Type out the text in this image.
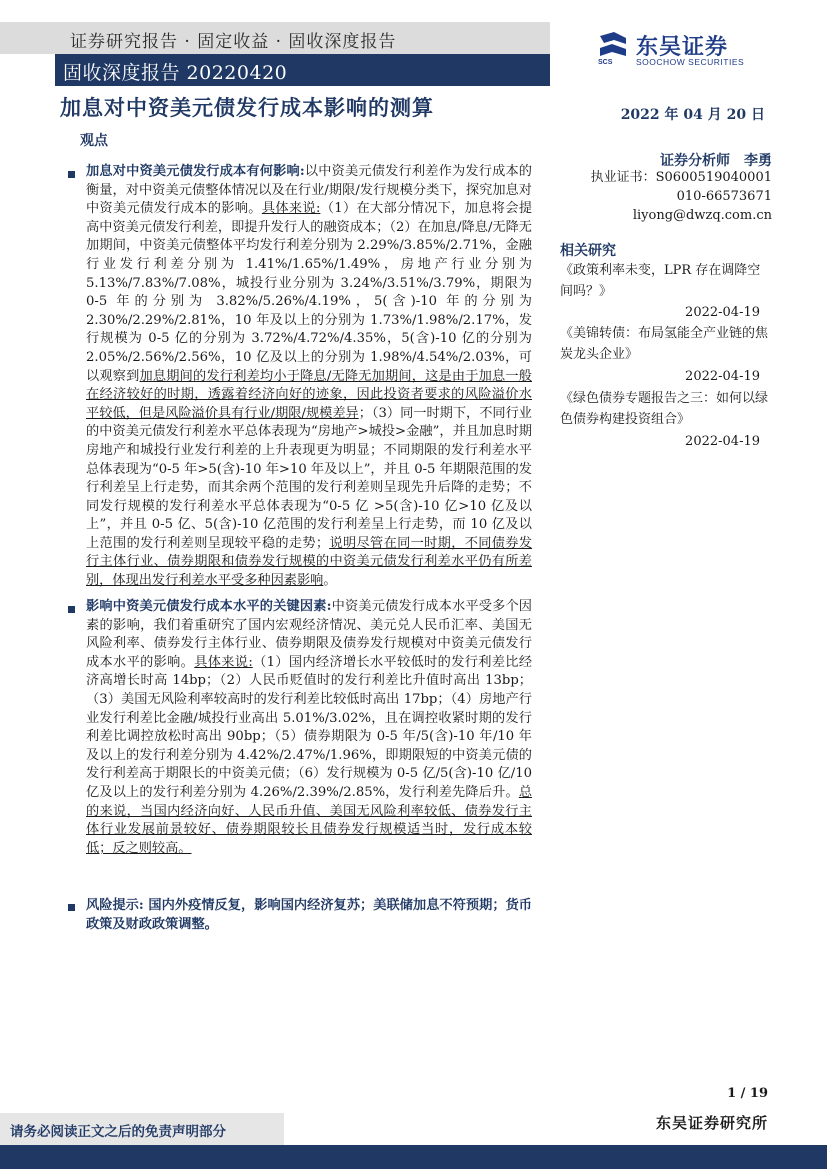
证券研究报告 · 固定收益 · 固收深度报告
固收深度报告 20220420
加息对中资美元债发行成本影响的测算
SCS
东吴证券
SOOCHOW SECURITIES
2022 年 04 月 20 日
观点
加息对中资美元债发行成本有何影响:以中资美元债发行利差作为发行成本的衡量，对中资美元债整体情况以及在行业/期限/发行规模分类下，探究加息对中资美元债发行成本的影响。具体来说:（1）在大部分情况下，加息将会提高中资美元债发行利差，即提升发行人的融资成本；（2）在加息/降息/无降无加期间，中资美元债整体平均发行利差分别为 2.29%/3.85%/2.71%，金融行业发行利差分别为 1.41%/1.65%/1.49%，房地产行业分别为 5.13%/7.83%/7.08%，城投行业分别为 3.24%/3.51%/3.79%，期限为 0-5 年的分别为 3.82%/5.26%/4.19%，5(含)-10 年的分别为 2.30%/2.29%/2.81%，10 年及以上的分别为 1.73%/1.98%/2.17%，发行规模为 0-5 亿的分别为 3.72%/4.72%/4.35%，5(含)-10 亿的分别为 2.05%/2.56%/2.56%，10 亿及以上的分别为 1.98%/4.54%/2.03%，可以观察到加息期间的发行利差均小于降息/无降无加期间，这是由于加息一般在经济较好的时期，透露着经济向好的迹象，因此投资者要求的风险溢价水平较低，但是风险溢价具有行业/期限/规模差异；（3）同一时期下，不同行业的中资美元债发行利差水平总体表现为“房地产>城投>金融”，并且加息时期房地产和城投行业发行利差的上升表现更为明显；不同期限的发行利差水平总体表现为“0-5 年>5(含)-10 年>10 年及以上”，并且 0-5 年期限范围的发行利差呈上行走势，而其余两个范围的发行利差则呈现先升后降的走势；不同发行规模的发行利差水平总体表现为“0-5 亿 >5(含)-10 亿>10 亿及以上”，并且 0-5 亿、5(含)-10 亿范围的发行利差呈上行走势，而 10 亿及以上范围的发行利差则呈现较平稳的走势；说明尽管在同一时期，不同债券发行主体行业、债券期限和债券发行规模的中资美元债发行利差水平仍有所差别，体现出发行利差水平受多种因素影响。
影响中资美元债发行成本水平的关键因素:中资美元债发行成本水平受多个因素的影响，我们着重研究了国内宏观经济情况、美元兑人民币汇率、美国无风险利率、债券发行主体行业、债券期限及债券发行规模对中资美元债发行成本水平的影响。具体来说:（1）国内经济增长水平较低时的发行利差比经济高增长时高 14bp；（2）人民币贬值时的发行利差比升值时高出 13bp；（3）美国无风险利率较高时的发行利差比较低时高出 17bp；（4）房地产行业发行利差比金融/城投行业高出 5.01%/3.02%，且在调控收紧时期的发行利差比调控放松时高出 90bp；（5）债券期限为 0-5 年/5(含)-10 年/10 年及以上的发行利差分别为 4.42%/2.47%/1.96%，即期限短的中资美元债的发行利差高于期限长的中资美元债；（6）发行规模为 0-5 亿/5(含)-10 亿/10 亿及以上的发行利差分别为 4.26%/2.39%/2.85%，发行利差先降后升。总的来说，当国内经济向好、人民币升值、美国无风险利率较低、债券发行主体行业发展前景较好、债券期限较长且债券发行规模适当时，发行成本较低；反之则较高。
风险提示: 国内外疫情反复，影响国内经济复苏；美联储加息不符预期；货币政策及财政政策调整。
证券分析师　李勇
执业证书：S0600519040001
010-66573671
liyong@dwzq.com.cn
相关研究
《政策利率未变，LPR 存在调降空间吗？》
2022-04-19
《美锦转债：布局氢能全产业链的焦炭龙头企业》
2022-04-19
《绿色债券专题报告之三：如何以绿色债券构建投资组合》
2022-04-19
1 / 19
东吴证券研究所
请务必阅读正文之后的免责声明部分
